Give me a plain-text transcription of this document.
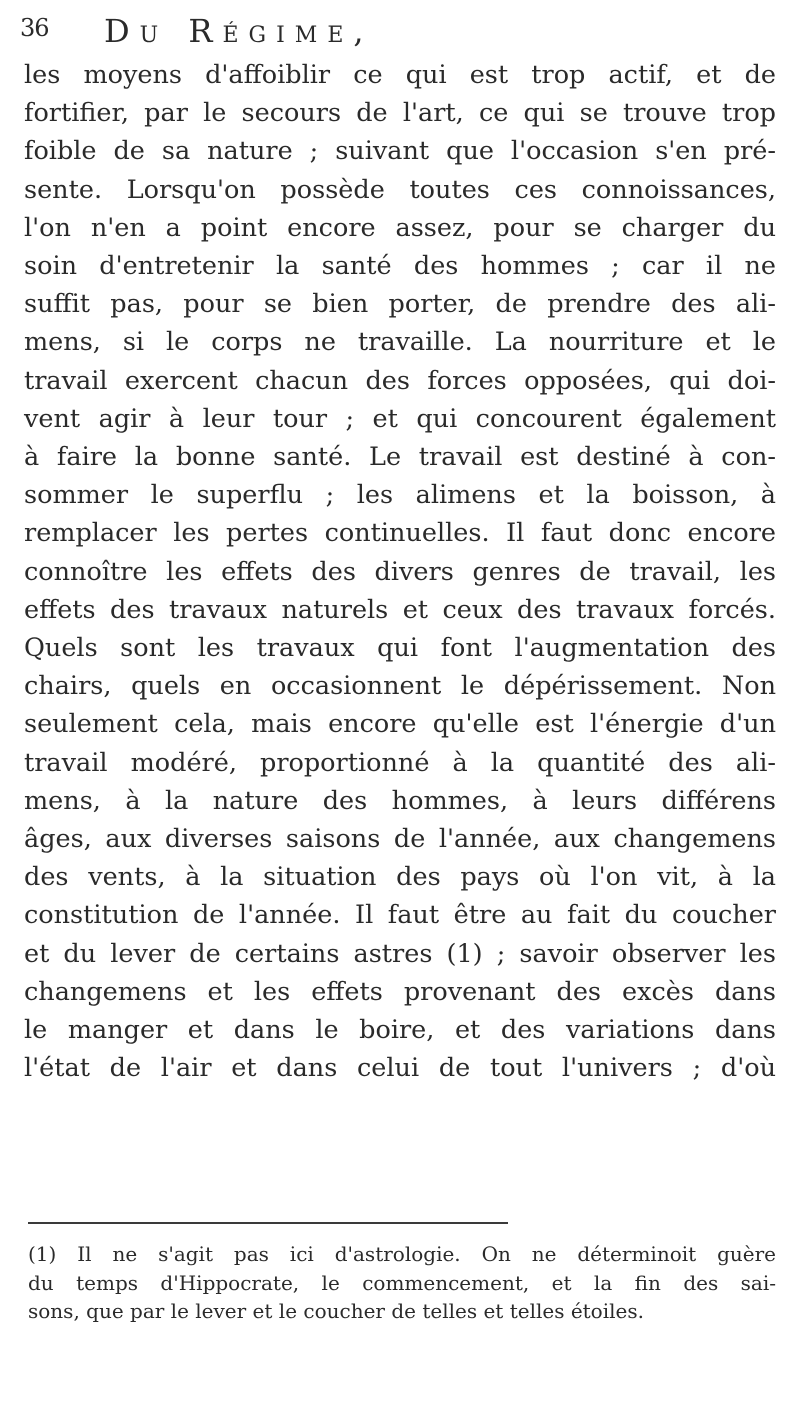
36 Du Régime,
les moyens d'affoiblir ce qui est trop actif, et de
fortifier, par le secours de l'art, ce qui se trouve trop
foible de sa nature ; suivant que l'occasion s'en pré-
sente. Lorsqu'on possède toutes ces connoissances,
l'on n'en a point encore assez, pour se charger du
soin d'entretenir la santé des hommes ; car il ne
suffit pas, pour se bien porter, de prendre des ali-
mens, si le corps ne travaille. La nourriture et le
travail exercent chacun des forces opposées, qui doi-
vent agir à leur tour ; et qui concourent également
à faire la bonne santé. Le travail est destiné à con-
sommer le superflu ; les alimens et la boisson, à
remplacer les pertes continuelles. Il faut donc encore
connoître les effets des divers genres de travail, les
effets des travaux naturels et ceux des travaux forcés.
Quels sont les travaux qui font l'augmentation des
chairs, quels en occasionnent le dépérissement. Non
seulement cela, mais encore qu'elle est l'énergie d'un
travail modéré, proportionné à la quantité des ali-
mens, à la nature des hommes, à leurs différens
âges, aux diverses saisons de l'année, aux changemens
des vents, à la situation des pays où l'on vit, à la
constitution de l'année. Il faut être au fait du coucher
et du lever de certains astres (1) ; savoir observer les
changemens et les effets provenant des excès dans
le manger et dans le boire, et des variations dans
l'état de l'air et dans celui de tout l'univers ; d'où
(1) Il ne s'agit pas ici d'astrologie. On ne déterminoit guère
du temps d'Hippocrate, le commencement, et la fin des sai-
sons, que par le lever et le coucher de telles et telles étoiles.
